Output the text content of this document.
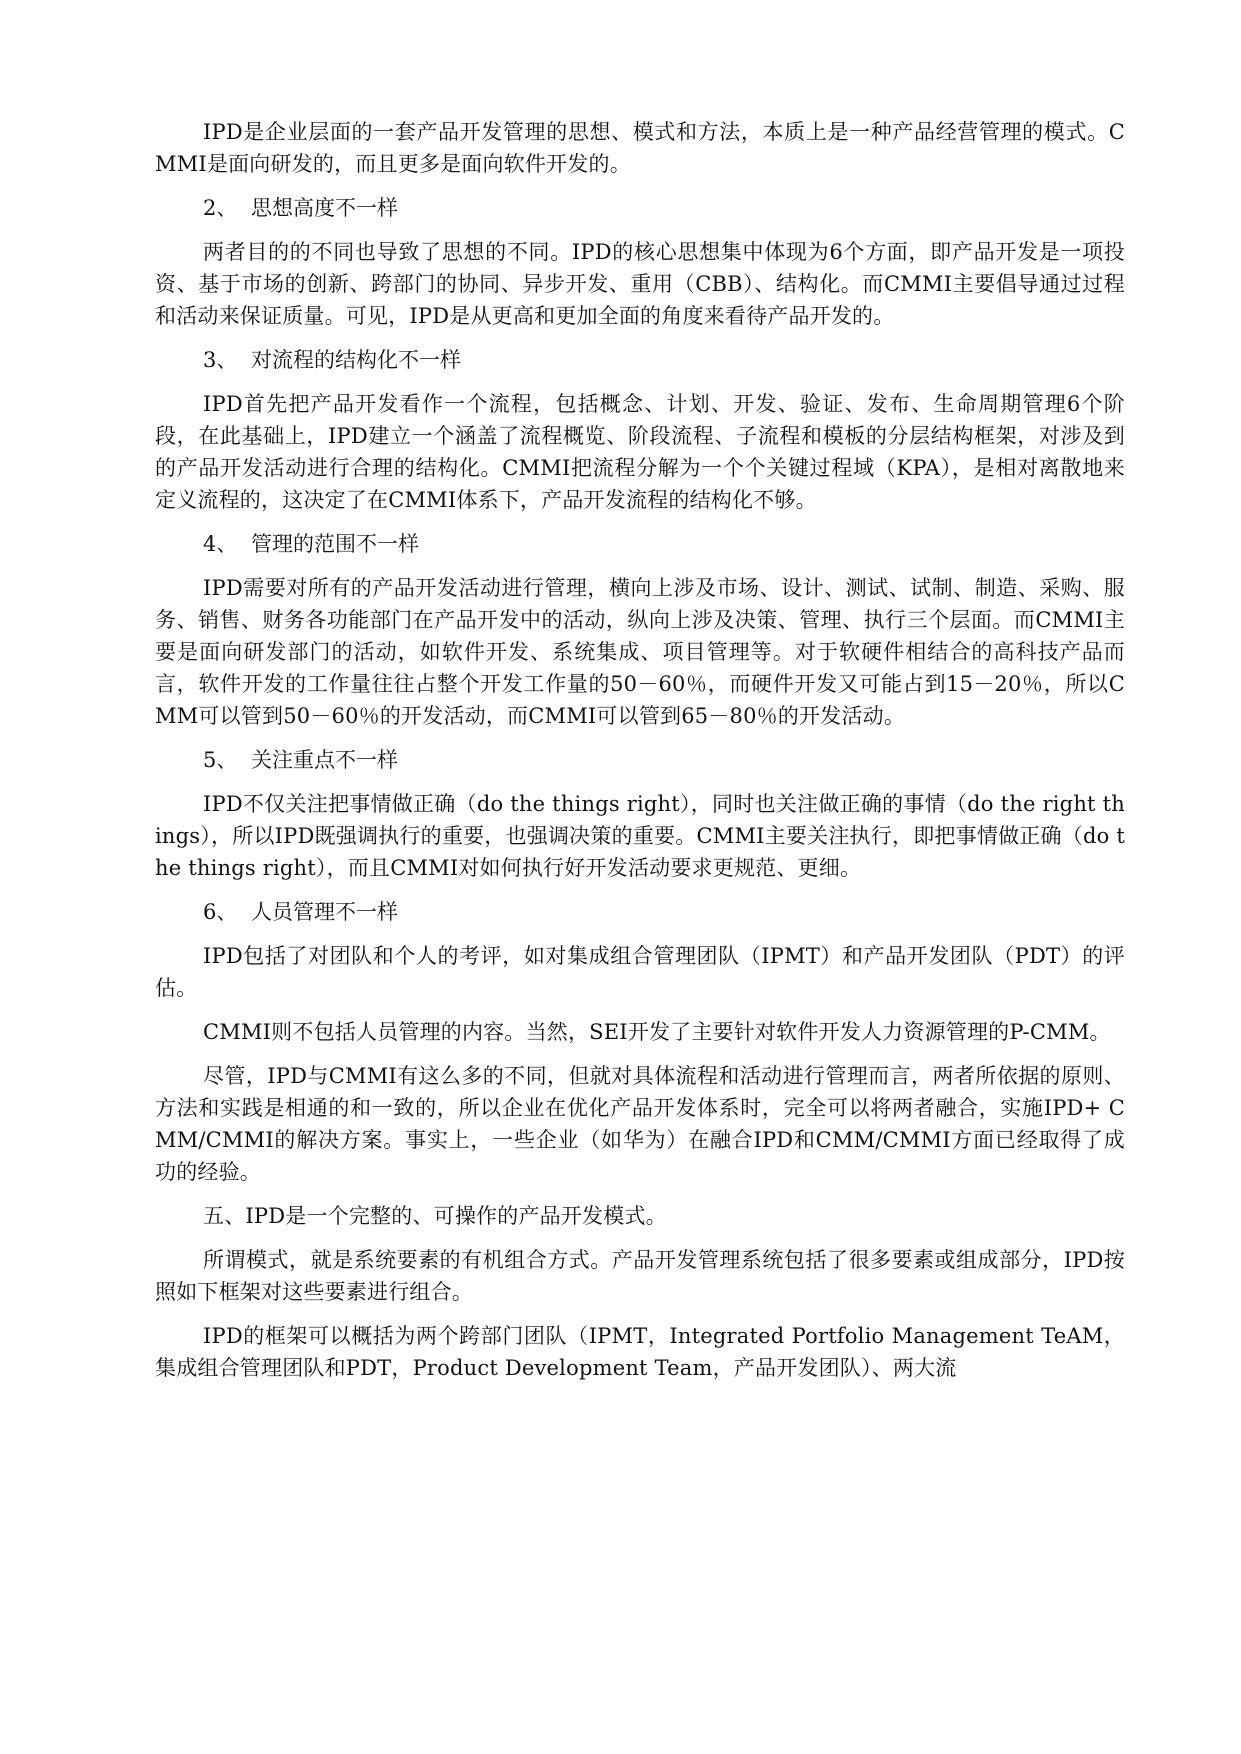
IPD是企业层面的一套产品开发管理的思想、模式和方法，本质上是一种产品经营管理的模式。CMMI是面向研发的，而且更多是面向软件开发的。

2、 思想高度不一样

两者目的的不同也导致了思想的不同。IPD的核心思想集中体现为6个方面，即产品开发是一项投资、基于市场的创新、跨部门的协同、异步开发、重用（CBB）、结构化。而CMMI主要倡导通过过程和活动来保证质量。可见，IPD是从更高和更加全面的角度来看待产品开发的。

3、 对流程的结构化不一样

IPD首先把产品开发看作一个流程，包括概念、计划、开发、验证、发布、生命周期管理6个阶段，在此基础上，IPD建立一个涵盖了流程概览、阶段流程、子流程和模板的分层结构框架，对涉及到的产品开发活动进行合理的结构化。CMMI把流程分解为一个个关键过程域（KPA），是相对离散地来定义流程的，这决定了在CMMI体系下，产品开发流程的结构化不够。

4、 管理的范围不一样

IPD需要对所有的产品开发活动进行管理，横向上涉及市场、设计、测试、试制、制造、采购、服务、销售、财务各功能部门在产品开发中的活动，纵向上涉及决策、管理、执行三个层面。而CMMI主要是面向研发部门的活动，如软件开发、系统集成、项目管理等。对于软硬件相结合的高科技产品而言，软件开发的工作量往往占整个开发工作量的50－60％，而硬件开发又可能占到15－20％，所以CMM可以管到50－60％的开发活动，而CMMI可以管到65－80％的开发活动。

5、 关注重点不一样

IPD不仅关注把事情做正确（do the things right），同时也关注做正确的事情（do the right things），所以IPD既强调执行的重要，也强调决策的重要。CMMI主要关注执行，即把事情做正确（do the things right），而且CMMI对如何执行好开发活动要求更规范、更细。

6、 人员管理不一样

IPD包括了对团队和个人的考评，如对集成组合管理团队（IPMT）和产品开发团队（PDT）的评估。

CMMI则不包括人员管理的内容。当然，SEI开发了主要针对软件开发人力资源管理的P-CMM。

尽管，IPD与CMMI有这么多的不同，但就对具体流程和活动进行管理而言，两者所依据的原则、方法和实践是相通的和一致的，所以企业在优化产品开发体系时，完全可以将两者融合，实施IPD+ CMM/CMMI的解决方案。事实上，一些企业（如华为）在融合IPD和CMM/CMMI方面已经取得了成功的经验。

五、IPD是一个完整的、可操作的产品开发模式。

所谓模式，就是系统要素的有机组合方式。产品开发管理系统包括了很多要素或组成部分，IPD按照如下框架对这些要素进行组合。

IPD的框架可以概括为两个跨部门团队（IPMT，Integrated Portfolio Management TeAM，集成组合管理团队和PDT，Product Development Team，产品开发团队）、两大流
